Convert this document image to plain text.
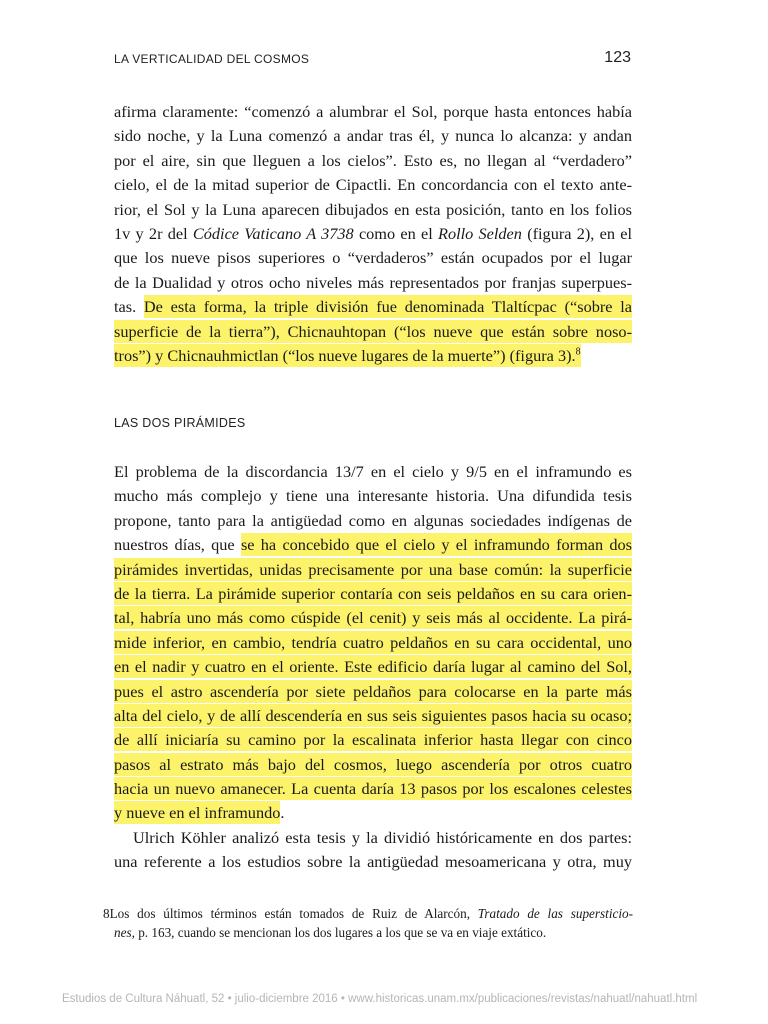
LA VERTICALIDAD DEL COSMOS	123
afirma claramente: “comenzó a alumbrar el Sol, porque hasta entonces había
sido noche, y la Luna comenzó a andar tras él, y nunca lo alcanza: y andan
por el aire, sin que lleguen a los cielos”. Esto es, no llegan al “verdadero”
cielo, el de la mitad superior de Cipactli. En concordancia con el texto ante-
rior, el Sol y la Luna aparecen dibujados en esta posición, tanto en los folios
1v y 2r del Códice Vaticano A 3738 como en el Rollo Selden (figura 2), en el
que los nueve pisos superiores o “verdaderos” están ocupados por el lugar
de la Dualidad y otros ocho niveles más representados por franjas superpues-
tas. De esta forma, la triple división fue denominada Tlaltícpac (“sobre la
superficie de la tierra”), Chicnauhtopan (“los nueve que están sobre noso-
tros”) y Chicnauhmictlan (“los nueve lugares de la muerte”) (figura 3).$^8$
LAS DOS PIRÁMIDES
El problema de la discordancia 13/7 en el cielo y 9/5 en el inframundo es
mucho más complejo y tiene una interesante historia. Una difundida tesis
propone, tanto para la antigüedad como en algunas sociedades indígenas de
nuestros días, que se ha concebido que el cielo y el inframundo forman dos
pirámides invertidas, unidas precisamente por una base común: la superficie
de la tierra. La pirámide superior contaría con seis peldaños en su cara orien-
tal, habría uno más como cúspide (el cenit) y seis más al occidente. La pirá-
mide inferior, en cambio, tendría cuatro peldaños en su cara occidental, uno
en el nadir y cuatro en el oriente. Este edificio daría lugar al camino del Sol,
pues el astro ascendería por siete peldaños para colocarse en la parte más
alta del cielo, y de allí descendería en sus seis siguientes pasos hacia su ocaso;
de allí iniciaría su camino por la escalinata inferior hasta llegar con cinco
pasos al estrato más bajo del cosmos, luego ascendería por otros cuatro
hacia un nuevo amanecer. La cuenta daría 13 pasos por los escalones celestes
y nueve en el inframundo.
Ulrich Köhler analizó esta tesis y la dividió históricamente en dos partes:
una referente a los estudios sobre la antigüedad mesoamericana y otra, muy
8Los dos últimos términos están tomados de Ruiz de Alarcón, Tratado de las supersticio-
nes, p. 163, cuando se mencionan los dos lugares a los que se va en viaje extático.
Estudios de Cultura Náhuatl, 52 • julio-diciembre 2016 • www.historicas.unam.mx/publicaciones/revistas/nahuatl/nahuatl.html
